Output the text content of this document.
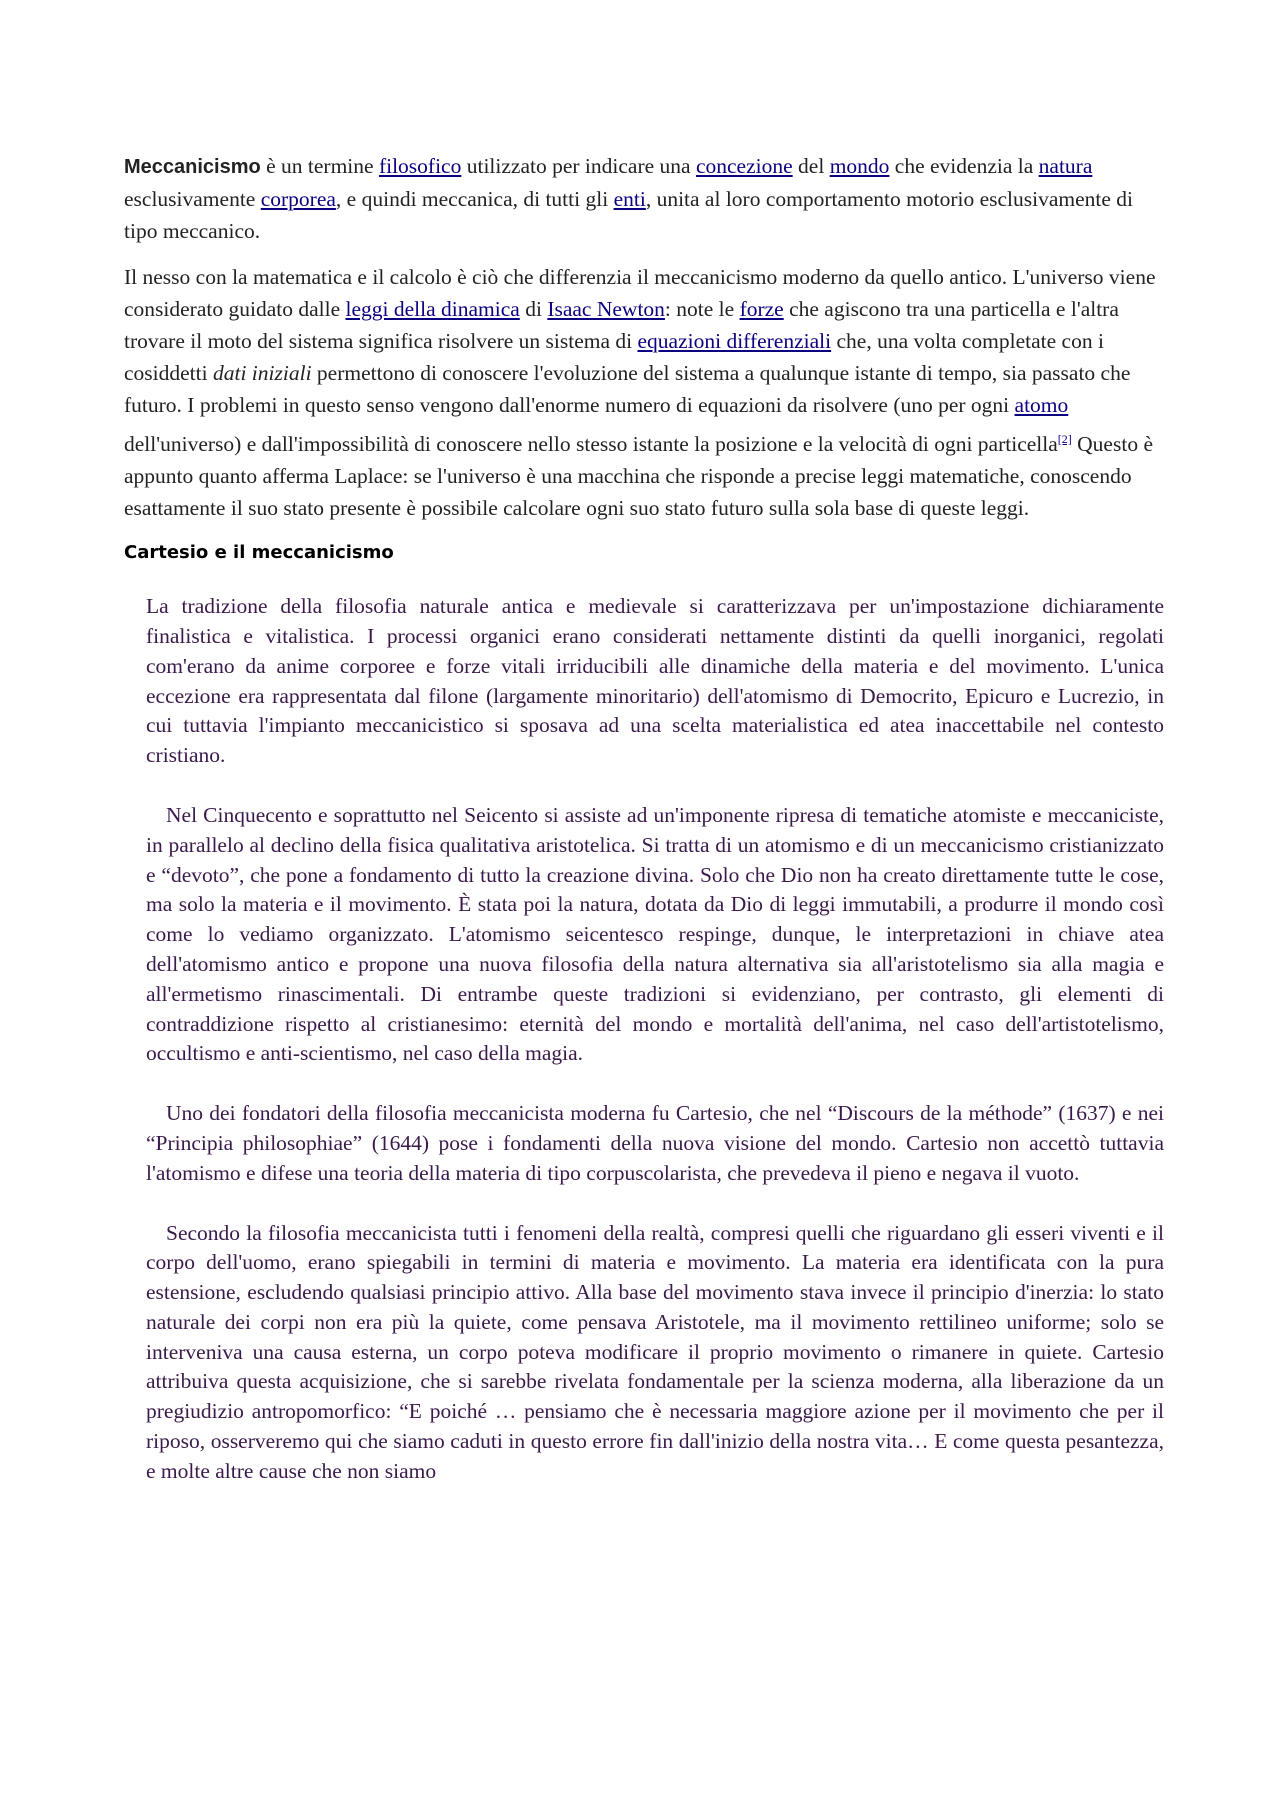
Meccanicismo è un termine filosofico utilizzato per indicare una concezione del mondo che evidenzia la natura esclusivamente corporea, e quindi meccanica, di tutti gli enti, unita al loro comportamento motorio esclusivamente di tipo meccanico.

Il nesso con la matematica e il calcolo è ciò che differenzia il meccanicismo moderno da quello antico. L'universo viene considerato guidato dalle leggi della dinamica di Isaac Newton: note le forze che agiscono tra una particella e l'altra trovare il moto del sistema significa risolvere un sistema di equazioni differenziali che, una volta completate con i cosiddetti dati iniziali permettono di conoscere l'evoluzione del sistema a qualunque istante di tempo, sia passato che futuro. I problemi in questo senso vengono dall'enorme numero di equazioni da risolvere (uno per ogni atomo dell'universo) e dall'impossibilità di conoscere nello stesso istante la posizione e la velocità di ogni particella[2] Questo è appunto quanto afferma Laplace: se l'universo è una macchina che risponde a precise leggi matematiche, conoscendo esattamente il suo stato presente è possibile calcolare ogni suo stato futuro sulla sola base di queste leggi.

Cartesio e il meccanicismo

La tradizione della filosofia naturale antica e medievale si caratterizzava per un'impostazione dichiaramente finalistica e vitalistica. I processi organici erano considerati nettamente distinti da quelli inorganici, regolati com'erano da anime corporee e forze vitali irriducibili alle dinamiche della materia e del movimento. L'unica eccezione era rappresentata dal filone (largamente minoritario) dell'atomismo di Democrito, Epicuro e Lucrezio, in cui tuttavia l'impianto meccanicistico si sposava ad una scelta materialistica ed atea inaccettabile nel contesto cristiano.

Nel Cinquecento e soprattutto nel Seicento si assiste ad un'imponente ripresa di tematiche atomiste e meccaniciste, in parallelo al declino della fisica qualitativa aristotelica. Si tratta di un atomismo e di un meccanicismo cristianizzato e “devoto”, che pone a fondamento di tutto la creazione divina. Solo che Dio non ha creato direttamente tutte le cose, ma solo la materia e il movimento. È stata poi la natura, dotata da Dio di leggi immutabili, a produrre il mondo così come lo vediamo organizzato. L'atomismo seicentesco respinge, dunque, le interpretazioni in chiave atea dell'atomismo antico e propone una nuova filosofia della natura alternativa sia all'aristotelismo sia alla magia e all'ermetismo rinascimentali. Di entrambe queste tradizioni si evidenziano, per contrasto, gli elementi di contraddizione rispetto al cristianesimo: eternità del mondo e mortalità dell'anima, nel caso dell'artistotelismo, occultismo e anti-scientismo, nel caso della magia.

Uno dei fondatori della filosofia meccanicista moderna fu Cartesio, che nel “Discours de la méthode” (1637) e nei “Principia philosophiae” (1644) pose i fondamenti della nuova visione del mondo. Cartesio non accettò tuttavia l'atomismo e difese una teoria della materia di tipo corpuscolarista, che prevedeva il pieno e negava il vuoto.

Secondo la filosofia meccanicista tutti i fenomeni della realtà, compresi quelli che riguardano gli esseri viventi e il corpo dell'uomo, erano spiegabili in termini di materia e movimento. La materia era identificata con la pura estensione, escludendo qualsiasi principio attivo. Alla base del movimento stava invece il principio d'inerzia: lo stato naturale dei corpi non era più la quiete, come pensava Aristotele, ma il movimento rettilineo uniforme; solo se interveniva una causa esterna, un corpo poteva modificare il proprio movimento o rimanere in quiete. Cartesio attribuiva questa acquisizione, che si sarebbe rivelata fondamentale per la scienza moderna, alla liberazione da un pregiudizio antropomorfico: “E poiché … pensiamo che è necessaria maggiore azione per il movimento che per il riposo, osserveremo qui che siamo caduti in questo errore fin dall'inizio della nostra vita… E come questa pesantezza, e molte altre cause che non siamo
